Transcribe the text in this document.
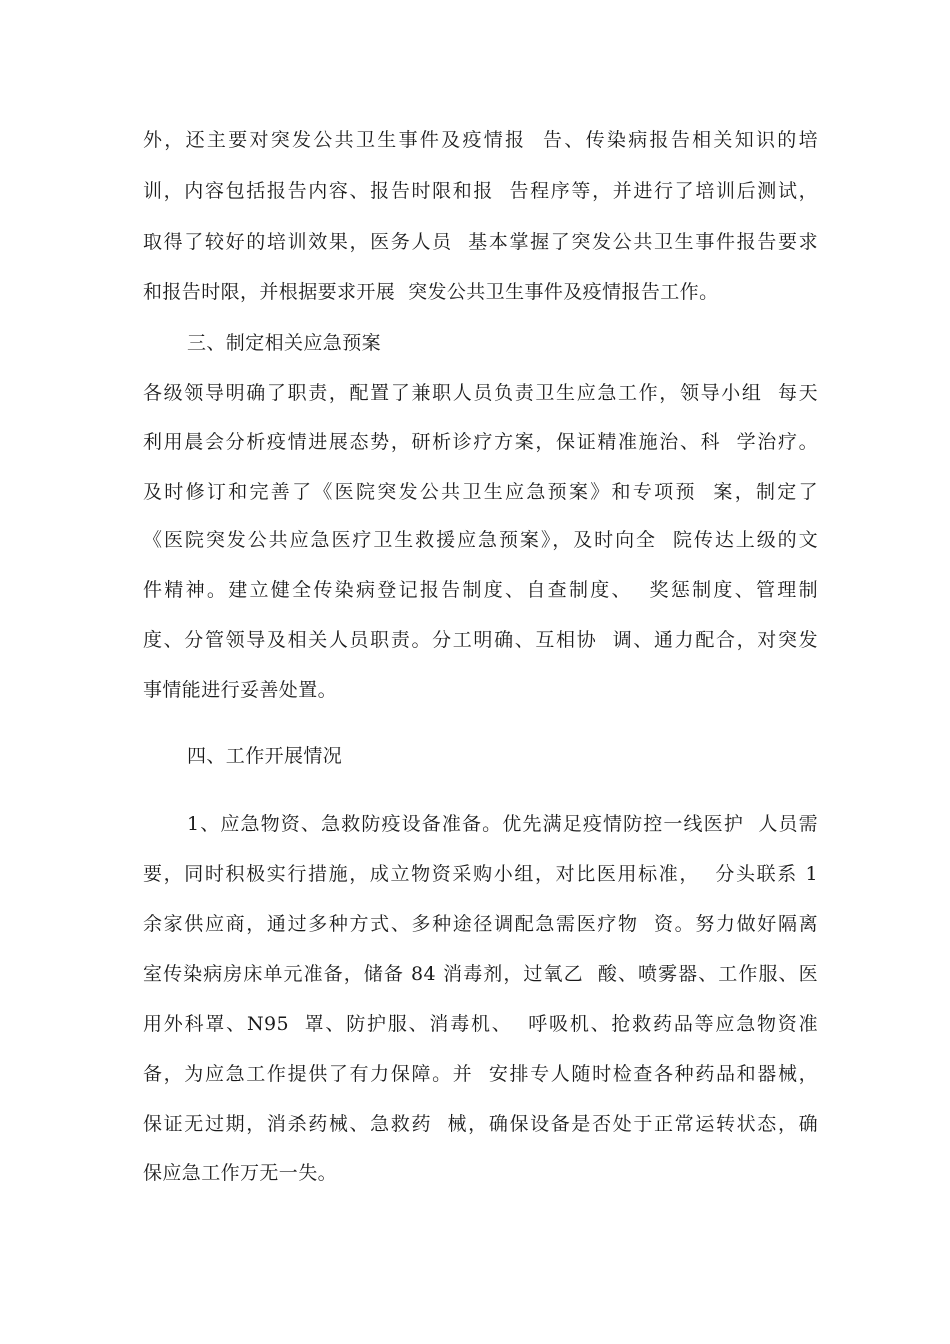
外，还主要对突发公共卫生事件及疫情报  告、传染病报告相关知识的培
训，内容包括报告内容、报告时限和报  告程序等，并进行了培训后测试，
取得了较好的培训效果，医务人员  基本掌握了突发公共卫生事件报告要求
和报告时限，并根据要求开展  突发公共卫生事件及疫情报告工作。
三、制定相关应急预案
各级领导明确了职责，配置了兼职人员负责卫生应急工作，领导小组  每天
利用晨会分析疫情进展态势，研析诊疗方案，保证精准施治、科  学治疗。
及时修订和完善了《医院突发公共卫生应急预案》和专项预  案，制定了
《医院突发公共应急医疗卫生救援应急预案》，及时向全  院传达上级的文
件精神。建立健全传染病登记报告制度、自查制度、  奖惩制度、管理制
度、分管领导及相关人员职责。分工明确、互相协  调、通力配合，对突发
事情能进行妥善处置。
四、工作开展情况
1、应急物资、急救防疫设备准备。优先满足疫情防控一线医护  人员需
要，同时积极实行措施，成立物资采购小组，对比医用标准，  分头联系 1
余家供应商，通过多种方式、多种途径调配急需医疗物  资。努力做好隔离
室传染病房床单元准备，储备 84 消毒剂，过氧乙  酸、喷雾器、工作服、医
用外科罩、N95  罩、防护服、消毒机、  呼吸机、抢救药品等应急物资准
备，为应急工作提供了有力保障。并  安排专人随时检查各种药品和器械，
保证无过期，消杀药械、急救药  械，确保设备是否处于正常运转状态，确
保应急工作万无一失。
